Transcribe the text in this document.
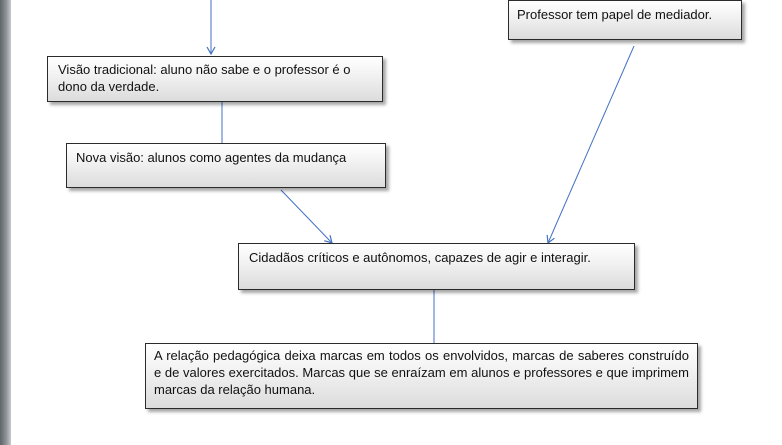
Professor tem papel de mediador.
Visão tradicional: aluno não sabe e o professor é o dono da verdade.
Nova visão: alunos como agentes da mudança
Cidadãos críticos e autônomos, capazes de agir e interagir.
A relação pedagógica deixa marcas em todos os envolvidos, marcas de saberes construído e de valores exercitados. Marcas que se enraízam em alunos e professores e que imprimem marcas da relação humana.
